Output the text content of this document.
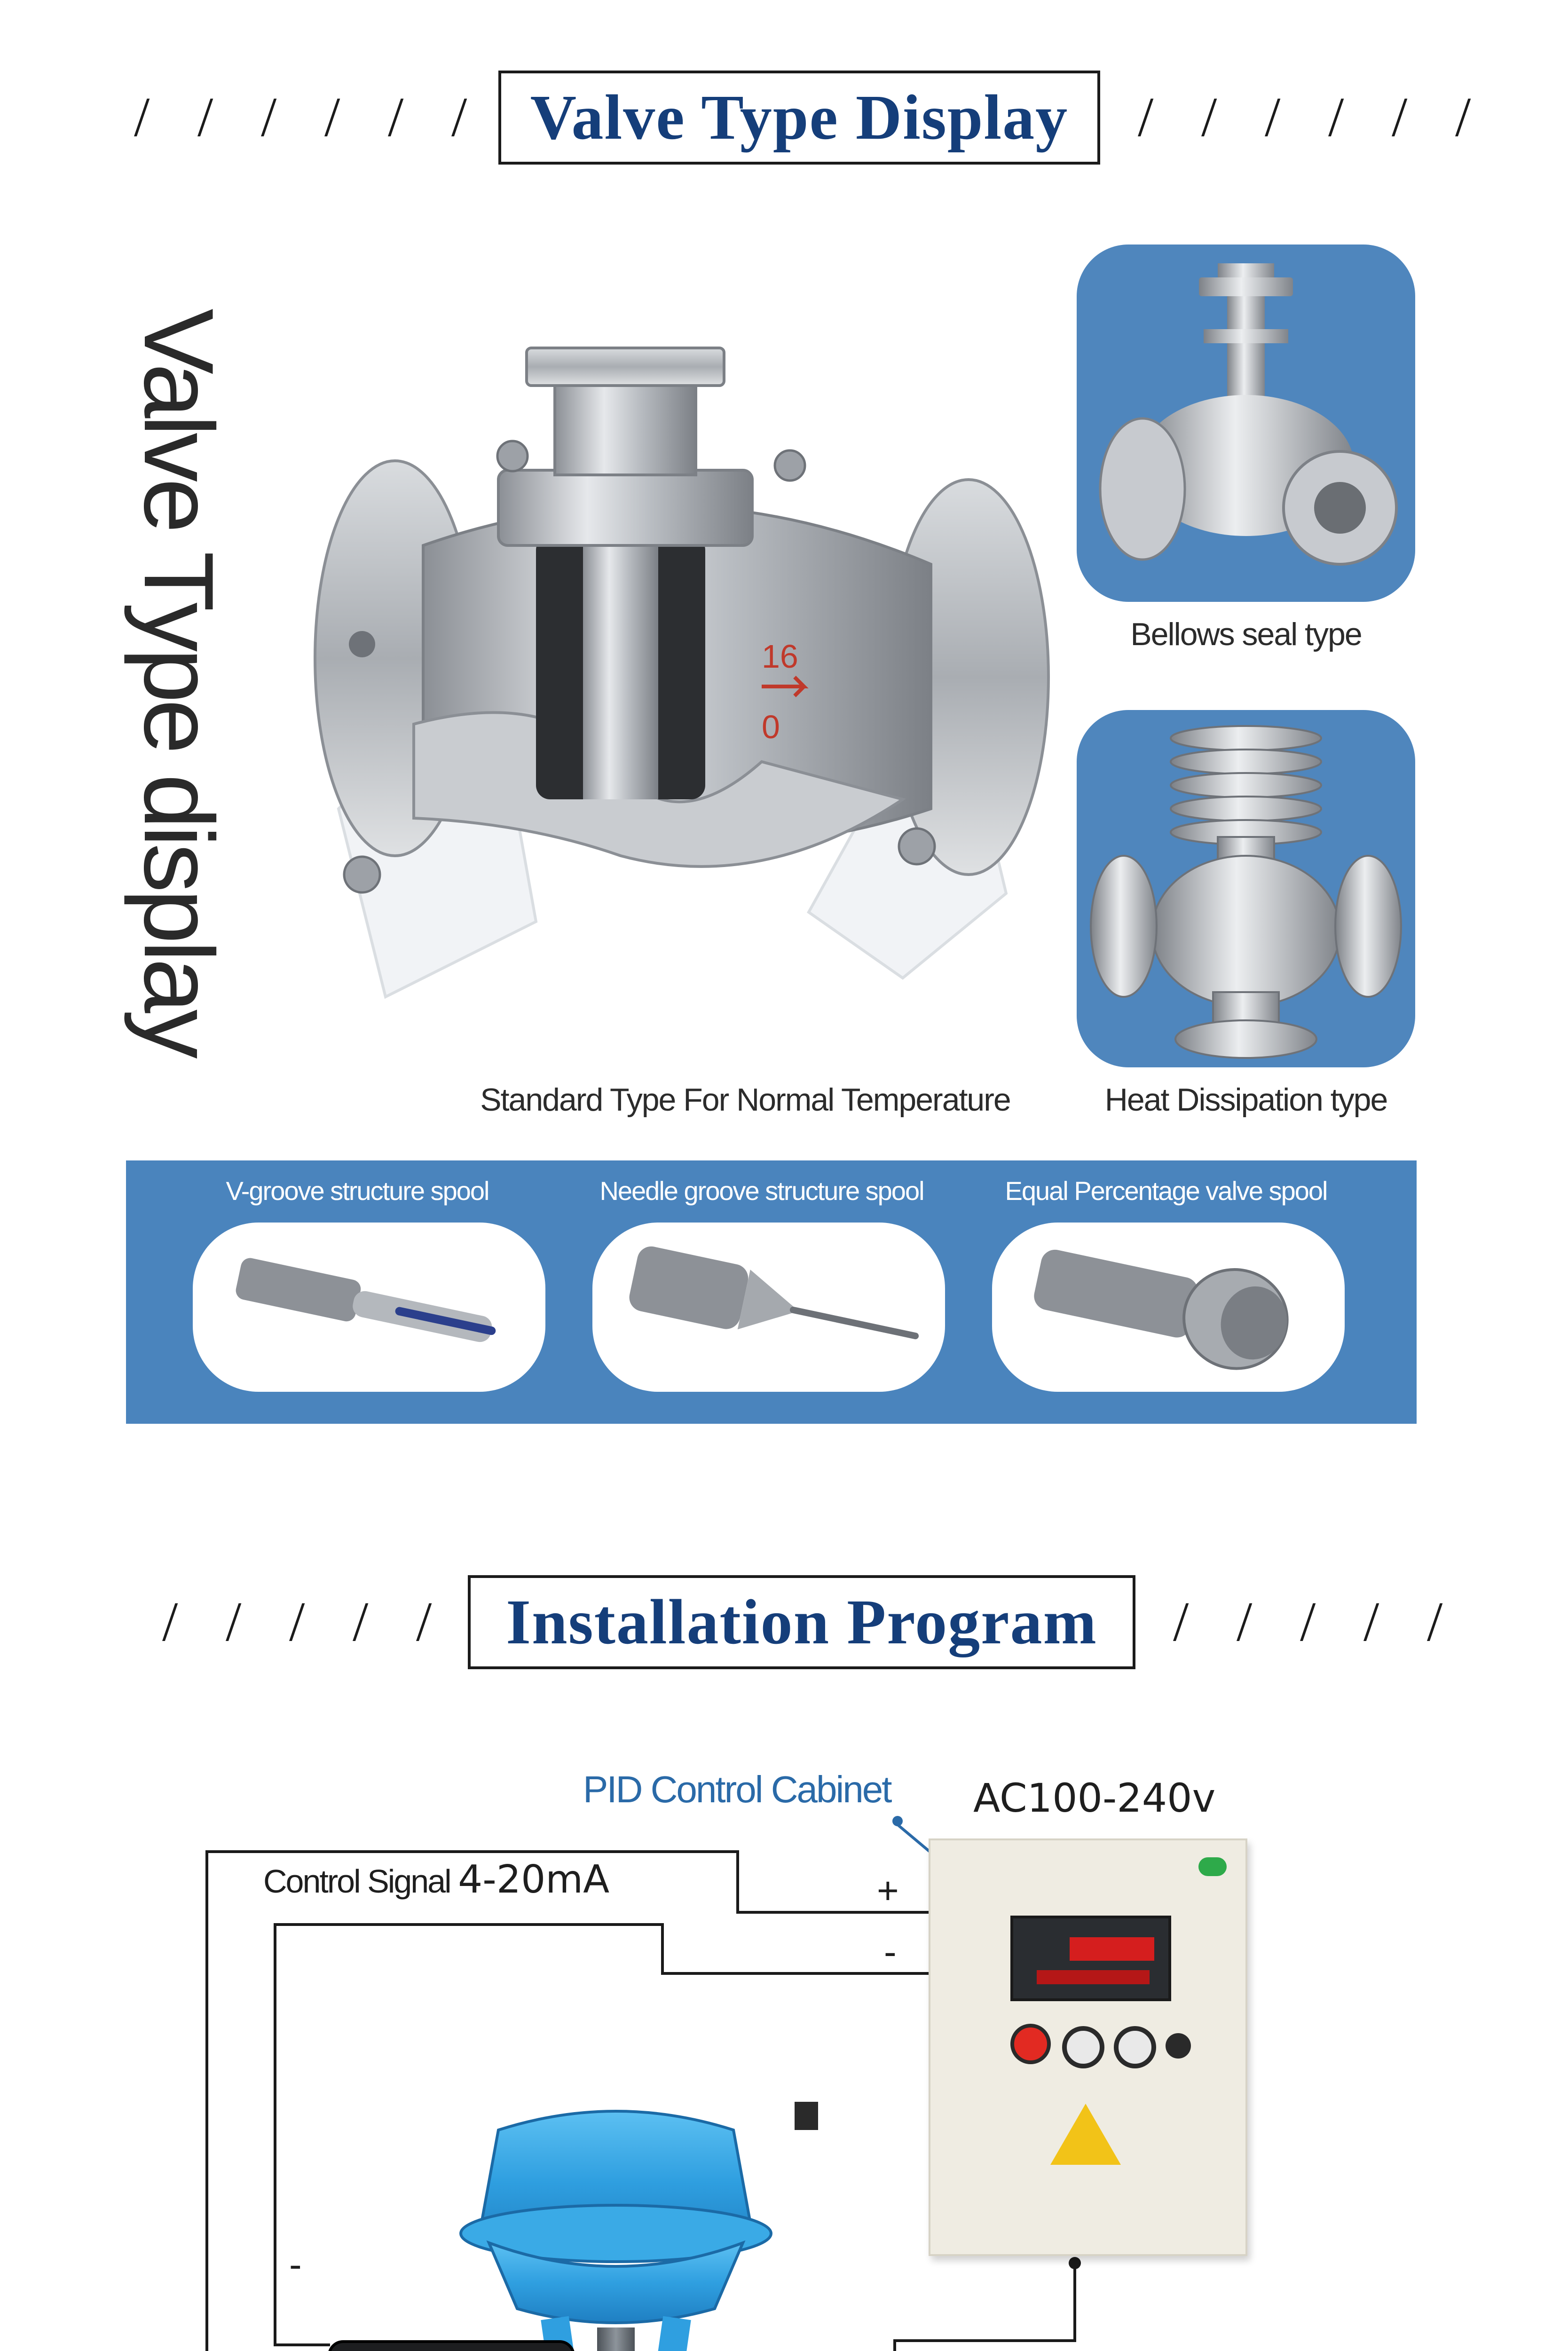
/ / / / / / Valve Type Display / / / / / /
Valve Type display	16
0
Standard Type For Normal Temperature
Bellows seal type
Heat Dissipation type
V-groove structure spool	Needle groove structure spool	Equal Percentage valve spool
/ / / / / Installation Program / / / / /
PID Control Cabinet AC100-240v
Control Signal 4-20mA	+
-
-
